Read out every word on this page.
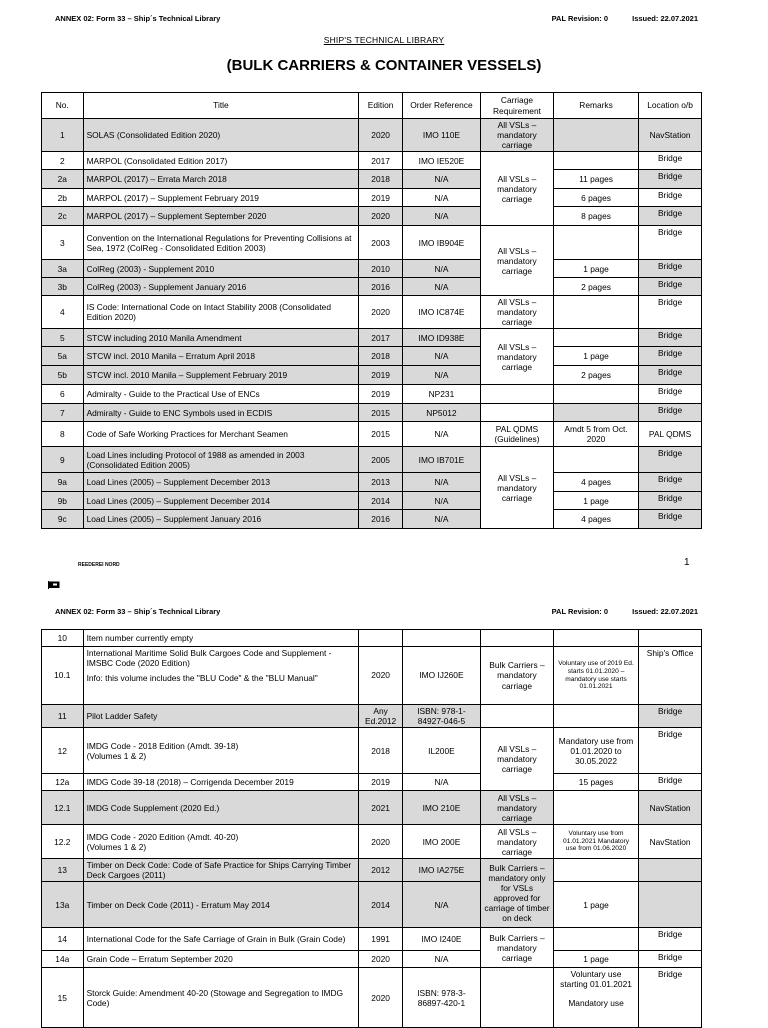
ANNEX 02: Form 33 – Ship´s Technical Library	PAL Revision: 0	Issued: 22.07.2021
SHIP'S TECHNICAL LIBRARY
(BULK CARRIERS & CONTAINER VESSELS)
No.	Title	Edition	Order Reference	Carriage Requirement	Remarks	Location o/b
1	SOLAS (Consolidated Edition 2020)	2020	IMO 110E	All VSLs – mandatory carriage		NavStation
2	MARPOL (Consolidated Edition 2017)	2017	IMO IE520E	All VSLs – mandatory carriage		Bridge
2a	MARPOL (2017) – Errata March 2018	2018	N/A		11 pages	Bridge
2b	MARPOL (2017) – Supplement February 2019	2019	N/A		6 pages	Bridge
2c	MARPOL (2017) – Supplement September 2020	2020	N/A		8 pages	Bridge
3	Convention on the International Regulations for Preventing Collisions at Sea, 1972 (ColReg - Consolidated Edition 2003)	2003	IMO IB904E	All VSLs – mandatory carriage		Bridge
3a	ColReg (2003) - Supplement 2010	2010	N/A		1 page	Bridge
3b	ColReg (2003) - Supplement January 2016	2016	N/A		2 pages	Bridge
4	IS Code: International Code on Intact Stability 2008 (Consolidated Edition 2020)	2020	IMO IC874E	All VSLs – mandatory carriage		Bridge
5	STCW including 2010 Manila Amendment	2017	IMO ID938E	All VSLs – mandatory carriage		Bridge
5a	STCW incl. 2010 Manila – Erratum April 2018	2018	N/A		1 page	Bridge
5b	STCW incl. 2010 Manila – Supplement February 2019	2019	N/A		2 pages	Bridge
6	Admiralty - Guide to the Practical Use of ENCs	2019	NP231			Bridge
7	Admiralty - Guide to ENC Symbols used in ECDIS	2015	NP5012			Bridge
8	Code of Safe Working Practices for Merchant Seamen	2015	N/A	PAL QDMS (Guidelines)	Amdt 5 from Oct. 2020	PAL QDMS
9	Load Lines including Protocol of 1988 as amended in 2003 (Consolidated Edition 2005)	2005	IMO IB701E	All VSLs – mandatory carriage		Bridge
9a	Load Lines (2005) – Supplement December 2013	2013	N/A		4 pages	Bridge
9b	Load Lines (2005) – Supplement December 2014	2014	N/A		1 page	Bridge
9c	Load Lines (2005) – Supplement January 2016	2016	N/A		4 pages	Bridge
REEDEREI NORD	1
ANNEX 02: Form 33 – Ship´s Technical Library	PAL Revision: 0	Issued: 22.07.2021
10	Item number currently empty					
10.1	International Maritime Solid Bulk Cargoes Code and Supplement - IMSBC Code (2020 Edition)
Info: this volume includes the "BLU Code" & the "BLU Manual"	2020	IMO IJ260E	Bulk Carriers – mandatory carriage	Voluntary use of 2019 Ed. starts 01.01.2020 – mandatory use starts 01.01.2021	Ship's Office
11	Pilot Ladder Safety	Any Ed.2012	ISBN: 978-1-84927-046-5			Bridge
12	IMDG Code - 2018 Edition (Amdt. 39-18)
(Volumes 1 & 2)	2018	IL200E	All VSLs – mandatory carriage	Mandatory use from 01.01.2020 to 30.05.2022	Bridge
12a	IMDG Code 39-18 (2018) – Corrigenda December 2019	2019	N/A		15 pages	Bridge
12.1	IMDG Code Supplement (2020 Ed.)	2021	IMO 210E	All VSLs – mandatory carriage		NavStation
12.2	IMDG Code - 2020 Edition (Amdt. 40-20)
(Volumes 1 & 2)	2020	IMO 200E	All VSLs – mandatory carriage	Voluntary use from 01.01.2021 Mandatory use from 01.06.2020	NavStation
13	Timber on Deck Code: Code of Safe Practice for Ships Carrying Timber Deck Cargoes (2011)	2012	IMO IA275E	Bulk Carriers – mandatory only for VSLs approved for carriage of timber on deck		
13a	Timber on Deck Code (2011) - Erratum May 2014	2014	N/A		1 page	
14	International Code for the Safe Carriage of Grain in Bulk (Grain Code)	1991	IMO I240E	Bulk Carriers – mandatory carriage		Bridge
14a	Grain Code – Erratum September 2020	2020	N/A		1 page	Bridge
15	Storck Guide: Amendment 40-20 (Stowage and Segregation to IMDG Code)	2020	ISBN: 978-3-86897-420-1		Voluntary use starting 01.01.2021
Mandatory use	Bridge
